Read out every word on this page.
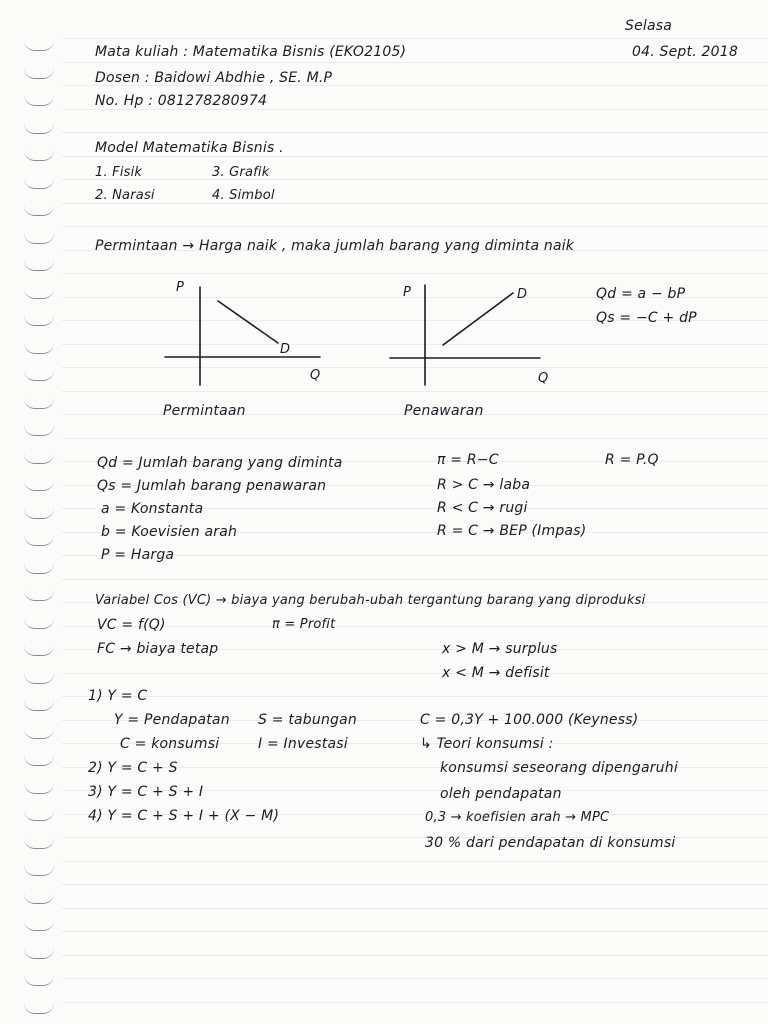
Selasa
04. Sept. 2018
Mata kuliah : Matematika Bisnis (EKO2105)
Dosen : Baidowi Abdhie , SE. M.P
No. Hp : 081278280974
Model Matematika Bisnis .
1. Fisik
2. Narasi
3. Grafik
4. Simbol
Permintaan → Harga naik , maka jumlah barang yang diminta naik
P
Q
D
Permintaan
P
Q
D
Penawaran
Qd = a − bP
Qs = −C + dP
Qd = Jumlah barang yang diminta
Qs = Jumlah barang penawaran
a = Konstanta
b = Koevisien arah
P = Harga
π = R−C
R > C → laba
R < C → rugi
R = C → BEP (Impas)
R = P.Q
Variabel Cos (VC) → biaya yang berubah-ubah tergantung barang yang diproduksi
VC = f(Q)	π = Profit
FC → biaya tetap	x > M → surplus
x < M → defisit
1) Y = C
Y = Pendapatan S = tabungan
C = konsumsi	I = Investasi
2) Y = C + S
3) Y = C + S + I
4) Y = C + S + I + (X − M)
C = 0,3Y + 100.000 (Keyness)
↳ Teori konsumsi :
konsumsi seseorang dipengaruhi
oleh pendapatan
0,3 → koefisien arah → MPC
30 % dari pendapatan di konsumsi
